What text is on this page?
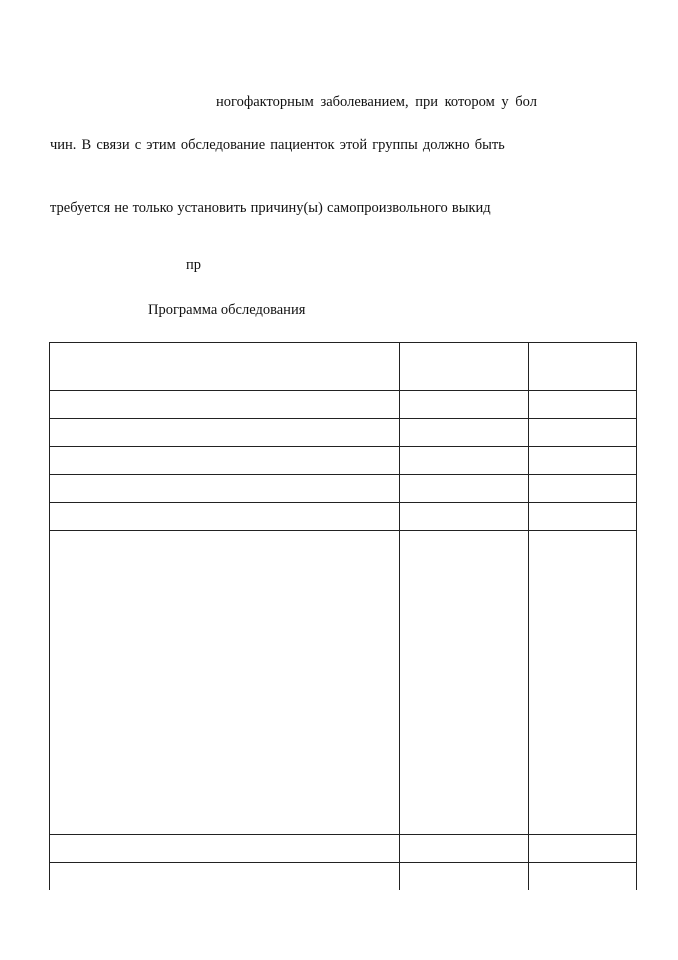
ногофакторным заболеванием, при котором у бол
чин. В связи с этим обследование пациенток этой группы должно быть
требуется не только установить причину(ы) самопроизвольного выкид
пр
Программа обследования
